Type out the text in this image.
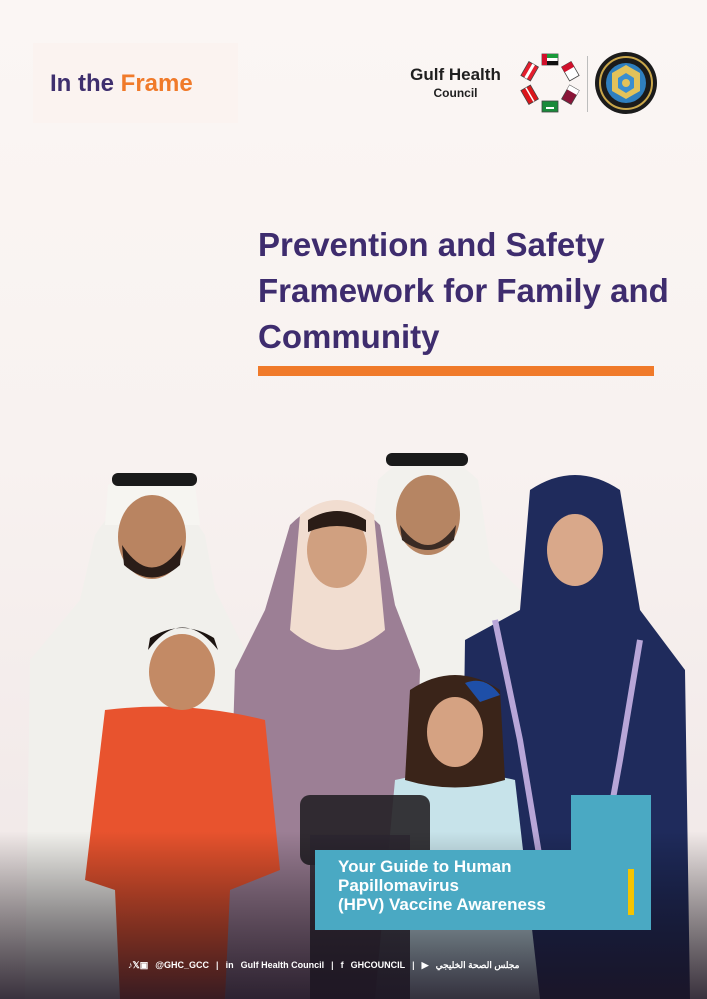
In the Frame	Gulf Health
Council
Prevention and Safety Framework for Family and Community

Your Guide to Human
Papillomavirus
(HPV) Vaccine Awareness

♪𝕏▣ @GHC_GCC | in Gulf Health Council | f GHCOUNCIL | ▶ مجلس الصحة الخليجي
